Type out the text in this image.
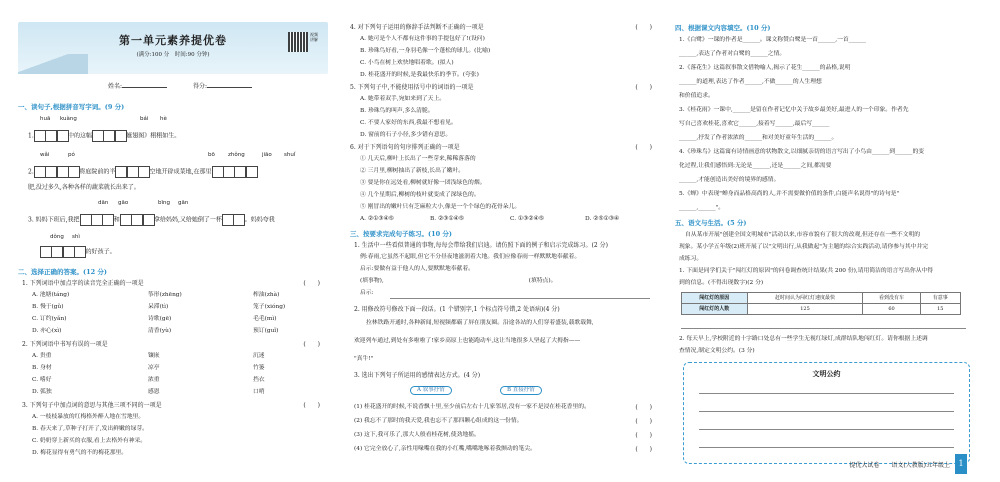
第一单元素养提优卷
(满分:100 分　时间:90 分钟)
视频讲解
姓名:	得分:
一、读句子,根据拼音写字词。(9 分)
huā kuàng	bái hè
1.	中的这幅	蜒翅图》栩栩如生。
wǎi	pó	bō zhǒng	jiāo shuǐ
2.	将庭院前的半	空地开辟成菜地,在那里
肥,没过多久,各种各样的蔬菜就长出来了。
dān gāo	bīng gān
3. 妈妈下班后,我把	和	拿给妈妈,又给她倒了一杯	。妈妈夸我
dǒng shì
的好孩子。
二、选择正确的答案。(12 分)
1. 下列词语中加点字的读音完全正确的一项是	(　　)
A. 池塘(táng)	筝形(zhēng)	榨油(zhà)
B. 慢于(gǔ)	呆滞(tì)	笼子(xióng)
C. 订约(yǎn)	诗歌(gē)	毛毛(mì)
D. 亦心(xì)	清香(yù)	预订(guǐ)
2. 下列词语中书写有误的一项是	(　　)
A. 贵重	镶嵌	沉迷
B. 身材	凉亭	竹篓
C. 嗜好	浓重	挡衣
D. 弧独	感恩	口哨
3. 下列句子中加点词的意思与其他三项不同的一项是	(　　)
A. 一枝枝暴放的红梅格外醉人地在雪地里。
B. 春天来了,草种子打开了,发出鲜嫩的绿芽。
C. 奶奶穿上新买的衣服,看上去格外有神采。
D. 梅花显得有勇气的不的梅花那里。
4. 对下列句子运用的修辞手法判断不正确的一项是	(　　)
A. 她可是个人不都有这件事的手提包好了!(设问)
B. 珍珠鸟好看,一身羽毛像一个蓬松的球儿。(比喻)
C. 小鸟在树上欢快地唱着歌。(拟人)
D. 桂花盛开的时候,是我最快乐的季节。(夸张)
5. 下列句子中,不能使用括号中的词语的一项是	(　　)
A. 她带着双手,宛如来到了天上。
B. 珍珠鸟的叫声,多么清脆。
C. 不要人家好的东西,我最不想看见。
D. 窗前的石子小径,多少错有意思。
6. 对于下列语句的句序排列正确的一项是	(　　)
① 几天后,柳叶上长出了一些芽来,稀稀落落的
② 三月里,柳树抽出了新枝,长出了嫩叶。
③ 要是你在远处看,柳树就好像一团浅绿色的烟。
④ 几个星期后,柳树的枝叶就变成了深绿色的。
⑤ 刚冒出的嫩叶只有芝麻粒大小,像是一个个绿色的花骨朵儿。
A. ②①③④⑤	B. ②③①④⑤	C. ①③②④⑤	D. ②⑤①③④
三、按要求完成句子练习。(10 分)
1. 生活中一些看似普通的事物,每每会带给我们启迪。请仿照下面的例子和启示完成练习。(2 分)
例:春雨,它虽然不起眼,但它不分昼夜地滋润着大地。我们应像春雨一样默默地奉献着。
启示:要做有益于他人的人,要默默地奉献着。
(填事物),　　　　　　　　　　　　　　　　　　　　　　　　　(填特点)。
启示:
2. 用修改符号修改下面一段话。(1 个错别字,1 个标点符号错,2 处语病)(4 分)
拉林铁路开通时,各种新闻,短视频都霸了屏在朋友圈。沿途各站的人们穿着盛装,载歌载舞,
欢迎列车通过,到处有多啦啦了!家乡高原上也能跑动车,这让当地很多人坚起了大拇指——
"真牛!"
3. 选出下列句子所运用的感情表达方式。(4 分)
A 叙事抒情	B 直接抒情
(1) 桂花盛开的时候,不说香飘十里,至少前后左右十几家邻居,没有一家不是浸在桂花香里的。	(　　)
(2) 我忘不了那时的我天爱,我也忘不了那四颗心组成的这一份情。	(　　)
(3) 这下,我可乐了,那大人般看桂花树,使劲地摇。	(　　)
(4) 它完全放心了,亲性用喙嘴在我的小红嘴,嘴嘴地啄着我颤动的笔尖。	(　　)
四、根据课文内容填空。(10 分)
1.《白鹭》一课的作者是______。课文称赞白鹭是一首______,一首______
______,表达了作者对白鹭的______之情。
2.《落花生》这篇叙事散文借物喻人,揭示了花生______的品格,说明
______的道理,表达了作者______,不做______的人生理想
和价值追求。
3.《桂花雨》一课中,______是留在作者记忆中关于故乡最美好,最进人的一个印象。作者先
写自己喜欢桂花,喜欢它______,接着写______,最后写______
______,抒发了作者浓浓的______和对美好童年生活的______。
4.《珍珠鸟》这篇寓有诗情画意的状物散文,以细腻亲切的语言写出了小鸟由______到______的变
化过程,让我们感悟到:无论是______,还是______之间,都需要
______,才能创造出美好的境界的感情。
5.《蝉》中表现"蝉身而品格高尚的人,并不需要做价值的条件,白能声名说得"的诗句是"
______,______"。
五、语文与生活。(5 分)
自从某市开展"创建全国文明城市"活动以来,市容市貌有了很大的改观,但还存在一些不文明的
现象。某小学五年级(2)班开展了以"文明出行,从我做起"为主题的综合实践活动,请你参与其中并完
成练习。
1. 下面是同学们关于"闯红灯的原因"的问卷调查统计结果(共 200 份),请用简洁的语言写出你从中得
到的信息。(不得出现数字)(2 分)
闯红灯的原因	赶时间认为闯红灯速度最快	看到没有车	有意事
闯红灯的人数	125	60	15
2. 每天早上,学校附近的十字路口处总有一些学生无视红绿灯,成群结队地闯红灯。请你根据上述调
查情况,制定文明公约。(3 分)
文明公约
提优大试卷　　语文(人教版)五年级上	1
